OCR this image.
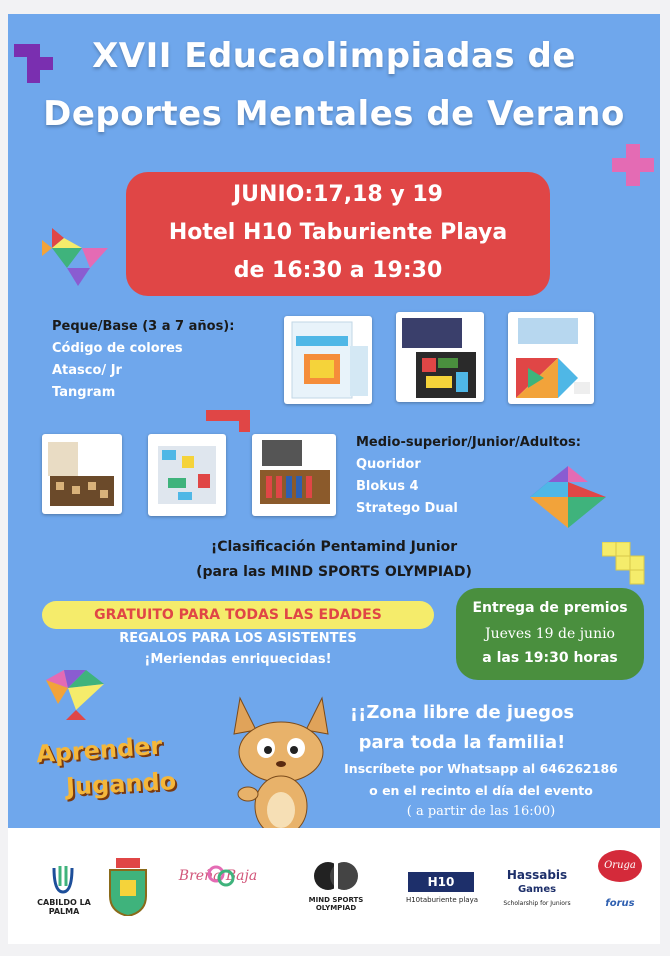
XVII Educaolimpiadas de
Deportes Mentales de Verano
JUNIO:17,18 y 19
Hotel H10 Taburiente Playa
de 16:30 a 19:30
Peque/Base (3 a 7 años):
Código de colores
Atasco/ Jr
Tangram
Medio-superior/Junior/Adultos:
Quoridor
Blokus 4
Stratego Dual
¡Clasificación Pentamind Junior
(para las MIND SPORTS OLYMPIAD)
GRATUITO PARA TODAS LAS EDADES
REGALOS PARA LOS ASISTENTES
¡Meriendas enriquecidas!
Entrega de premios
Jueves 19 de junio
a las 19:30 horas
Aprender
Jugando
¡¡Zona libre de juegos
para toda la familia!
Inscríbete por Whatsapp al 646262186
o en el recinto el día del evento
( a partir de las 16:00)
CABILDO LA PALMA
Breña Baja
MIND SPORTS OLYMPIAD
H10
H10taburiente playa
Hassabis
Games
Scholarship for Juniors
Oruga
forus
